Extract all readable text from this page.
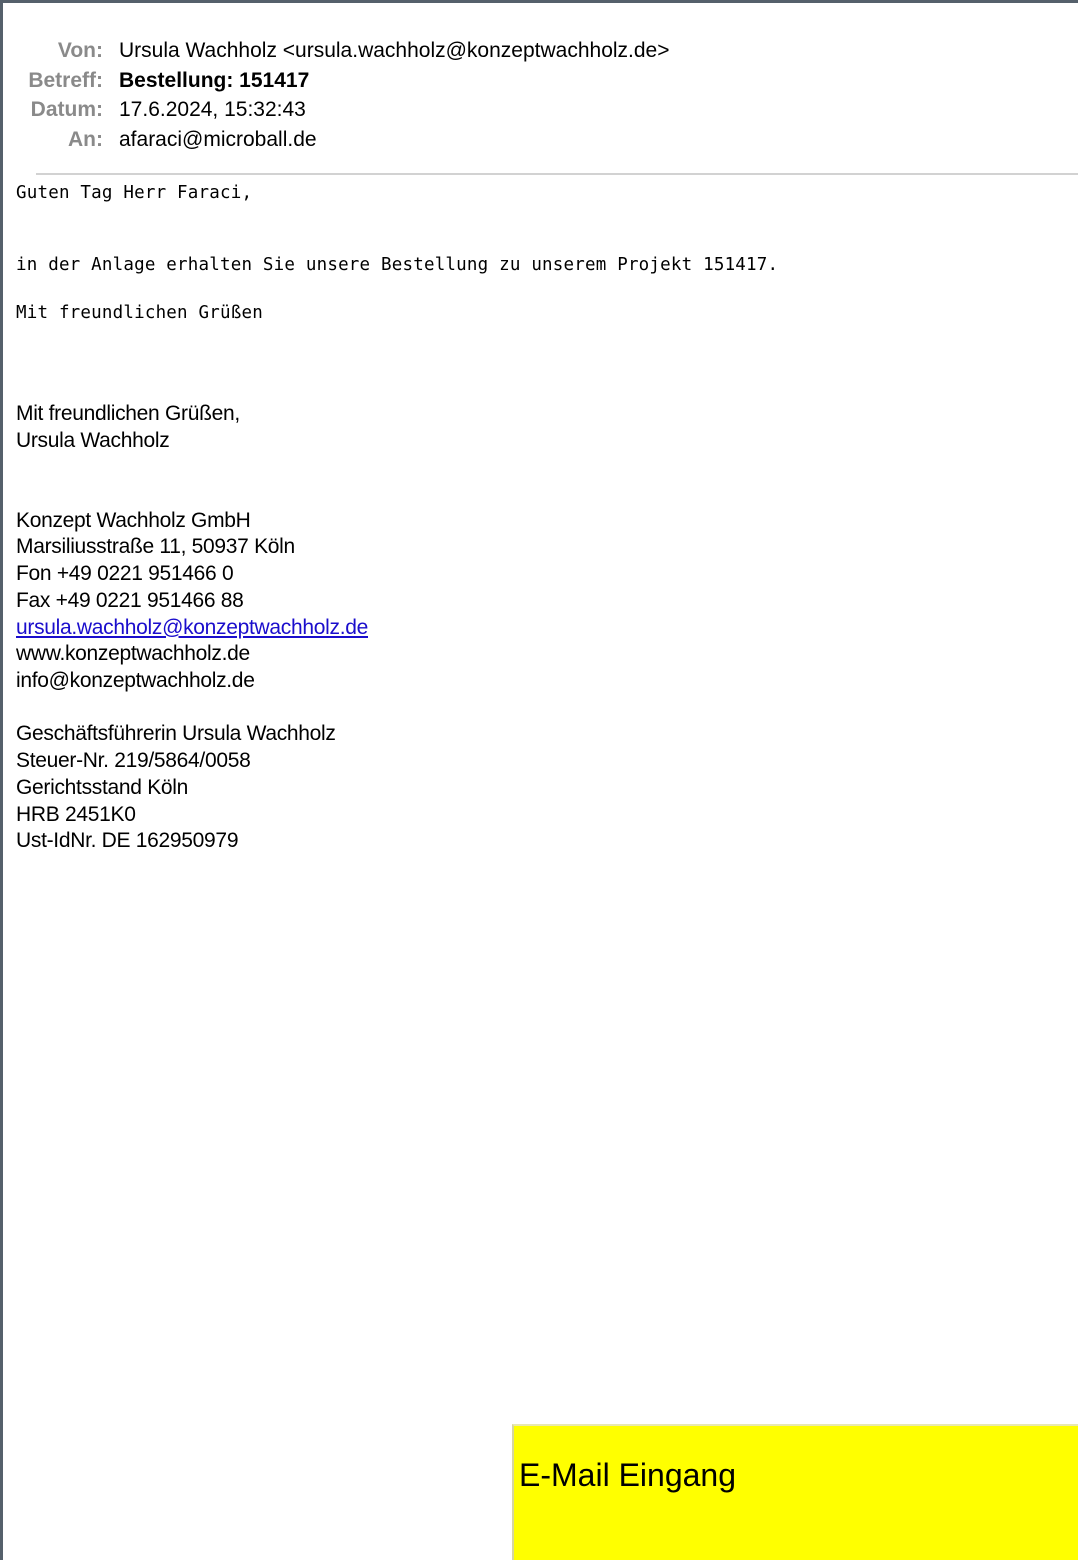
Von: Ursula Wachholz <ursula.wachholz@konzeptwachholz.de>
Betreff: Bestellung: 151417
Datum: 17.6.2024, 15:32:43
An: afaraci@microball.de
Guten Tag Herr Faraci,
in der Anlage erhalten Sie unsere Bestellung zu unserem Projekt 151417.
Mit freundlichen Grüßen
Mit freundlichen Grüßen,
Ursula Wachholz
Konzept Wachholz GmbH
Marsiliusstraße 11, 50937 Köln
Fon +49 0221 951466 0
Fax +49 0221 951466 88
ursula.wachholz@konzeptwachholz.de
www.konzeptwachholz.de
info@konzeptwachholz.de
Geschäftsführerin Ursula Wachholz
Steuer-Nr. 219/5864/0058
Gerichtsstand Köln
HRB 2451K0
Ust-IdNr. DE 162950979
E-Mail Eingang
